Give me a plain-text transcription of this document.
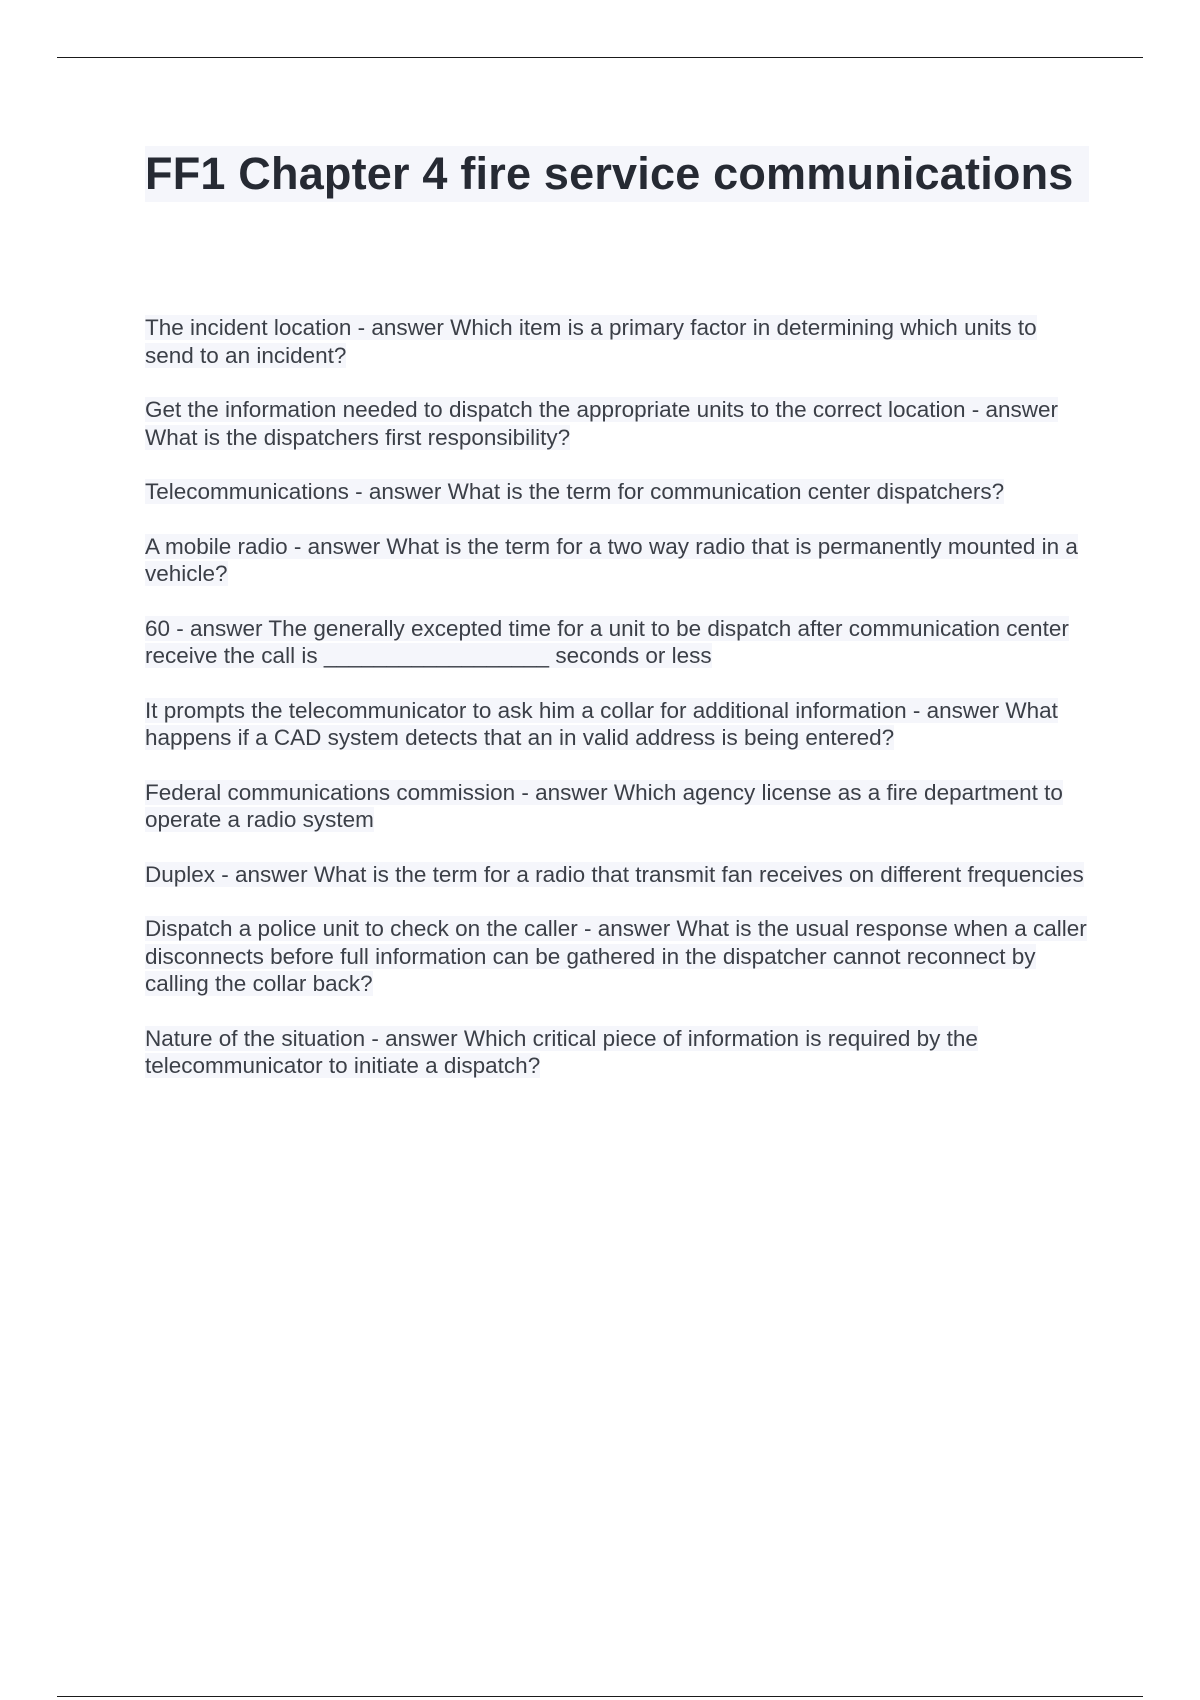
FF1 Chapter 4 fire service communications

The incident location - answer Which item is a primary factor in determining which units to send to an incident?

Get the information needed to dispatch the appropriate units to the correct location - answer What is the dispatchers first responsibility?

Telecommunications - answer What is the term for communication center dispatchers?

A mobile radio - answer What is the term for a two way radio that is permanently mounted in a vehicle?

60 - answer The generally excepted time for a unit to be dispatch after communication center receive the call is __________________ seconds or less

It prompts the telecommunicator to ask him a collar for additional information - answer What happens if a CAD system detects that an in valid address is being entered?

Federal communications commission - answer Which agency license as a fire department to operate a radio system

Duplex - answer What is the term for a radio that transmit fan receives on different frequencies

Dispatch a police unit to check on the caller - answer What is the usual response when a caller disconnects before full information can be gathered in the dispatcher cannot reconnect by calling the collar back?

Nature of the situation - answer Which critical piece of information is required by the telecommunicator to initiate a dispatch?
